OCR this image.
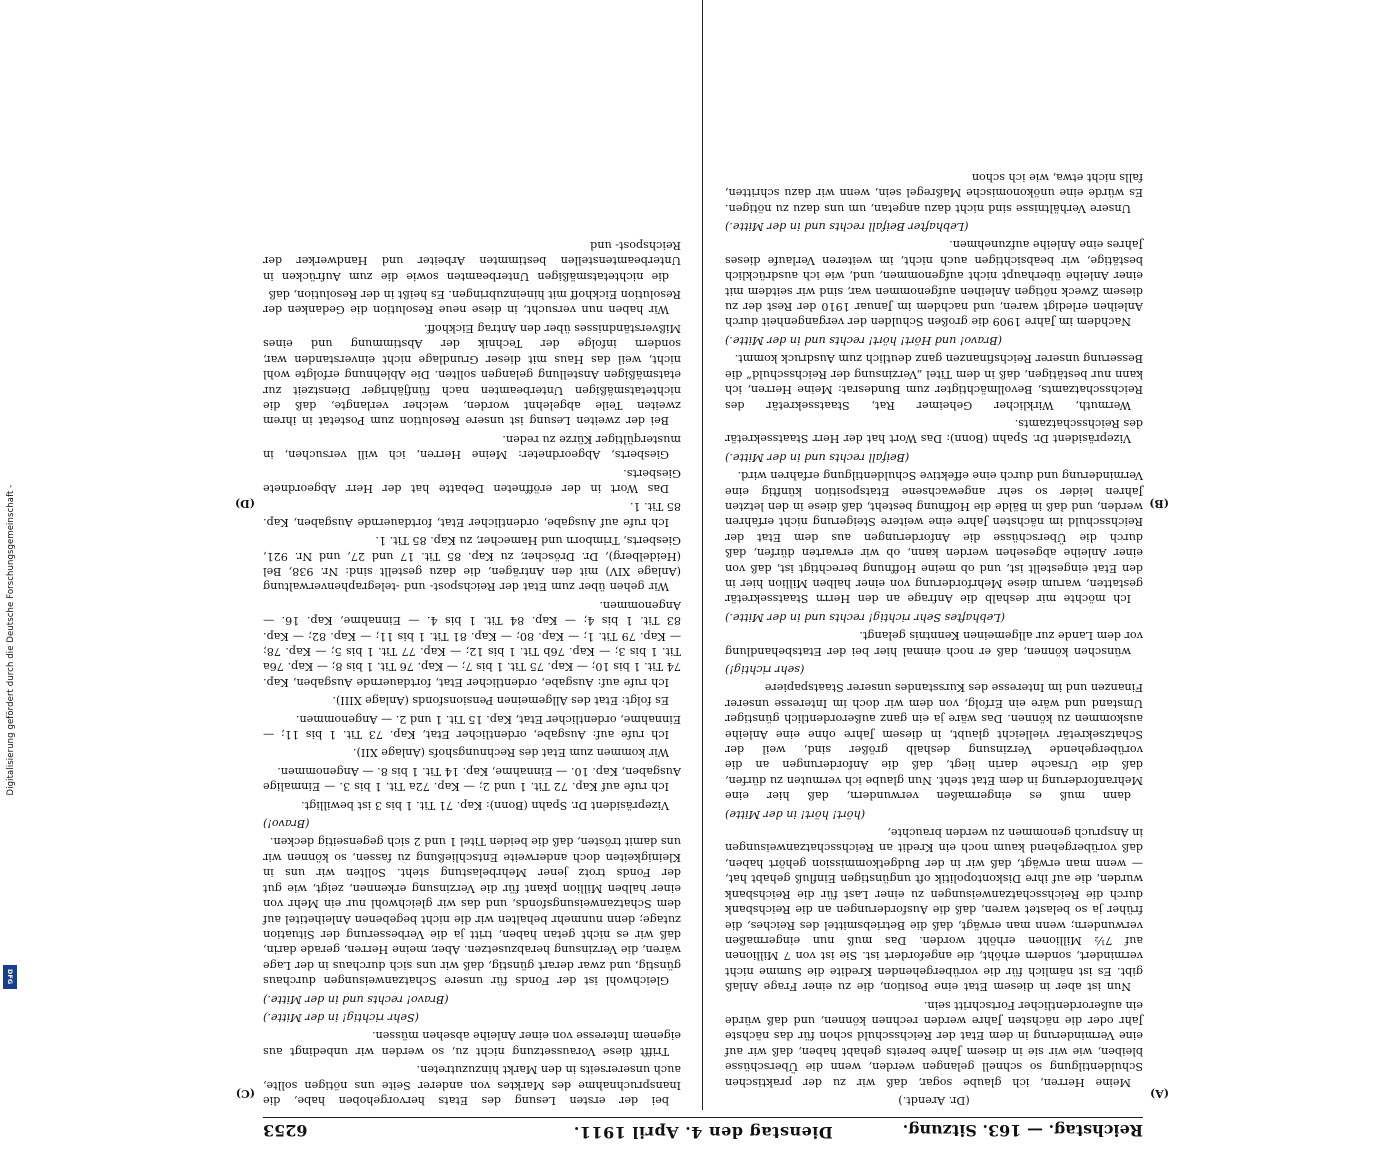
Digitalisierung gefördert durch die Deutsche Forschungsgemeinschaft -
DFG
Reichstag. — 163. Sitzung.
Dienstag den 4. April 1911.
6253
(A)
(B)
(C)
(D)

(Dr. Arendt.)

Meine Herren, ich glaube sogar, daß wir zu der praktischen Schuldentilgung so schnell gelangen werden, wenn die Überschüsse bleiben, wie wir sie in diesem Jahre bereits gehabt haben, daß wir auf eine Verminderung in dem Etat der Reichsschuld schon für das nächste Jahr oder die nächsten Jahre werden rechnen können, und daß würde ein außerordentlicher Fortschritt sein.

Nun ist aber in diesem Etat eine Position, die zu einer Frage Anlaß gibt. Es ist nämlich für die vorübergehenden Kredite die Summe nicht vermindert, sondern erhöht, die angefordert ist. Sie ist von 7 Millionen auf 7½ Millionen erhöht worden. Das muß nun eingermaßen verwundern; wenn man erwägt, daß die Betriebsmittel des Reiches, die früher ja so belastet waren, daß die Ausforderungen an die Reichsbank durch die Reichsschatzanweisungen zu einer Last für die Reichsbank wurden, die auf ihre Diskontopolitik oft ungünstigen Einfluß gehabt hat, — wenn man erwägt, daß wir in der Budgetkommission gehört haben, daß vorübergehend kaum noch ein Kredit an Reichsschatzanweisungen in Anspruch genommen zu werden brauchte,

(hört! hört! in der Mitte)

dann muß es eingermaßen verwundern, daß hier eine Mehranforderung in dem Etat steht. Nun glaube ich vermuten zu dürfen, daß die Ursache darin liegt, daß die Anforderungen an die vorübergehende Verzinsung deshalb größer sind, weil der Schatzsekretär vielleicht glaubt, in diesem Jahre ohne eine Anleihe auskommen zu können. Das wäre ja ein ganz außerordentlich günstiger Umstand und wäre ein Erfolg, von dem wir doch im Interesse unserer Finanzen und im Interesse des Kursstandes unserer Staatspapiere

(sehr richtig!)

wünschen können, daß er noch einmal hier bei der Etatsbehandlung vor dem Lande zur allgemeinen Kenntnis gelangt.

(Lebhaftes Sehr richtig! rechts und in der Mitte.)

Ich möchte mir deshalb die Anfrage an den Herrn Staatssekretär gestatten, warum diese Mehrforderung von einer halben Million hier in den Etat eingestellt ist, und ob meine Hoffnung berechtigt ist, daß von einer Anleihe abgesehen werden kann, ob wir erwarten dürfen, daß durch die Überschüsse die Anforderungen aus dem Etat der Reichsschuld im nächsten Jahre eine weitere Steigerung nicht erfahren werden, und daß in Bälde die Hoffnung besteht, daß diese in den letzten Jahren leider so sehr angewachsene Etatsposition künftig eine Verminderung und durch eine effektive Schuldentilgung erfahren wird.

(Beifall rechts und in der Mitte.)

Vizepräsident Dr. Spahn (Bonn): Das Wort hat der Herr Staatssekretär des Reichsschatzamts.

Wermuth, Wirklicher Geheimer Rat, Staatssekretär des Reichsschatzamts, Bevollmächtigter zum Bundesrat: Meine Herren, ich kann nur bestätigen, daß in dem Titel „Verzinsung der Reichsschuld“ die Besserung unserer Reichsfinanzen ganz deutlich zum Ausdruck kommt.

(Bravo! und Hört! hört! rechts und in der Mitte.)

Nachdem im Jahre 1909 die großen Schulden der vergangenheit durch Anleihen erledigt waren, und nachdem im Januar 1910 der Rest der zu diesem Zweck nötigen Anleihen aufgenommen war, sind wir seitdem mit einer Anleihe überhaupt nicht aufgenommen, und, wie ich ausdrücklich bestätige, wir beabsichtigen auch nicht, im weiteren Verlaufe dieses Jahres eine Anleihe aufzunehmen.

(Lebhafter Beifall rechts und in der Mitte.)

Unsere Verhältnisse sind nicht dazu angetan, um uns dazu zu nötigen. Es würde eine unökonomische Maßregel sein, wenn wir dazu schritten, falls nicht etwa, wie ich schon

bei der ersten Lesung des Etats hervorgehoben habe, die Inanspruchnahme des Marktes von anderer Seite uns nötigen sollte, auch unsererseits in den Markt hinzuzutreten.

Trifft diese Voraussetzung nicht zu, so werden wir unbedingt aus eigenem Interesse von einer Anleihe absehen müssen.

(Sehr richtig! in der Mitte.)

(Bravo! rechts und in der Mitte.)

Gleichwohl ist der Fonds für unsere Schatzanweisungen durchaus günstig, und zwar derart günstig, daß wir uns sich durchaus in der Lage wären, die Verzinsung herabzusetzen. Aber, meine Herren, gerade darin, daß wir es nicht getan haben, tritt ja die Verbesserung der Situation zutage; denn nunmehr behalten wir die nicht begebenen Anleihetitel auf dem Schatzanweisungsfonds, und das wir gleichwohl nur ein Mehr von einer halben Million pkant für die Verzinsung erkennen, zeigt, wie gut der Fonds trotz jener Mehrbelastung steht. Sollten wir uns in Kleinigkeiten doch anderweite Entschließung zu fassen, so können wir uns damit trösten, daß die beiden Titel 1 und 2 sich gegenseitig decken.

(Bravo!)

Vizepräsident Dr. Spahn (Bonn): Kap. 71 Tit. 1 bis 3 ist bewilligt.

Ich rufe auf Kap. 72 Tit. 1 und 2; — Kap. 72a Tit. 1 bis 3. — Einmalige Ausgaben, Kap. 10. — Einnahme, Kap. 14 Tit. 1 bis 8. — Angenommen.

Wir kommen zum Etat des Rechnungshofs (Anlage XII).

Ich rufe auf: Ausgabe, ordentlicher Etat, Kap. 73 Tit. 1 bis 11; — Einnahme, ordentlicher Etat, Kap. 15 Tit. 1 und 2. — Angenommen.

Es folgt: Etat des Allgemeinen Pensionsfonds (Anlage XIII).

Ich rufe auf: Ausgabe, ordentlicher Etat, fortdauernde Ausgaben, Kap. 74 Tit. 1 bis 10; — Kap. 75 Tit. 1 bis 7; — Kap. 76 Tit. 1 bis 8; — Kap. 76a Tit. 1 bis 3; — Kap. 76b Tit. 1 bis 12; — Kap. 77 Tit. 1 bis 5; — Kap. 78; — Kap. 79 Tit. 1; — Kap. 80; — Kap. 81 Tit. 1 bis 11; — Kap. 82; — Kap. 83 Tit. 1 bis 4; — Kap. 84 Tit. 1 bis 4. — Einnahme, Kap. 16. — Angenommen.

Wir gehen über zum Etat der Reichspost- und -telegraphenverwaltung (Anlage XIV) mit den Anträgen, die dazu gestellt sind: Nr. 938, Bel (Heidelberg), Dr. Dröscher, zu Kap. 85 Tit. 17 und 27, und Nr. 921, Giesberts, Trimborn und Hamecher, zu Kap. 85 Tit. 1.

Ich rufe auf Ausgabe, ordentlicher Etat, fortdauernde Ausgaben, Kap. 85 Tit. 1.

Das Wort in der eröffneten Debatte hat der Herr Abgeordnete Giesberts.

Giesberts, Abgeordneter: Meine Herren, ich will versuchen, in musterqültiger Kürze zu reden.

Bei der zweiten Lesung ist unsere Resolution zum Postetat in ihrem zweiten Teile abgelehnt worden, welcher verlangte, daß die nichtetatsmäßigen Unterbeamten nach fünfjähriger Dienstzeit zur etatsmäßigen Anstellung gelangen sollten. Die Ablehnung erfolgte wohl nicht, weil das Haus mit dieser Grundlage nicht einverstanden war, sondern infolge der Technik der Abstimmung und eines Mißverständnisses über den Antrag Eickhoff.

Wir haben nun versucht, in diese neue Resolution die Gedanken der Resolution Eickhoff mit hineinzubringen. Es heißt in der Resolution, daß

die nichtetatsmäßigen Unterbeamten sowie die zum Aufrücken in Unterbeamtenstellen bestimmten Arbeiter und Handwerker der Reichspost- und
